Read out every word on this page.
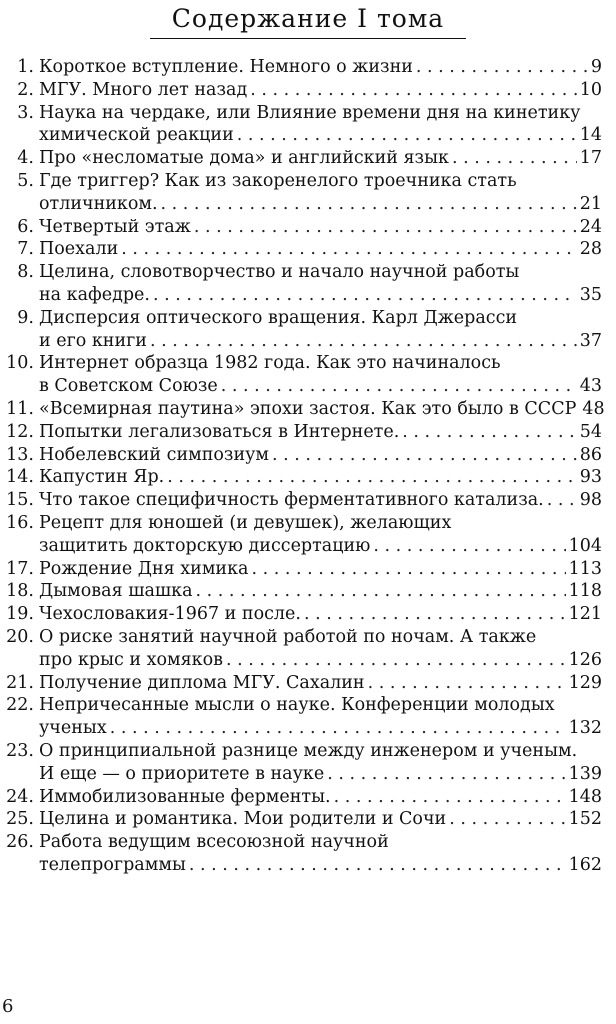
Содержание I тома
1. Короткое вступление. Немного о жизни . . .	9
2. МГУ. Много лет назад . . .	10
3. Наука на чердаке, или Влияние времени дня на кинетику
химической реакции . . .	14
4. Про «несломатые дома» и английский язык . . .	17
5. Где триггер? Как из закоренелого троечника стать
отличником. . . .	21
6. Четвертый этаж . . .	24
7. Поехали . . .	28
8. Целина, словотворчество и начало научной работы
на кафедре. . . .	35
9. Дисперсия оптического вращения. Карл Джерасси
и его книги . . .	37
10. Интернет образца 1982 года. Как это начиналось
в Советском Союзе . . .	43
11. «Всемирная паутина» эпохи застоя. Как это было в СССР 48
12. Попытки легализоваться в Интернете. . . .	54
13. Нобелевский симпозиум . . .	86
14. Капустин Яр. . . .	93
15. Что такое специфичность ферментативного катализа. . . . 98
16. Рецепт для юношей (и девушек), желающих
защитить докторскую диссертацию . . .	104
17. Рождение Дня химика . . .	113
18. Дымовая шашка . . .	118
19. Чехословакия-1967 и после. . . .	121
20. О риске занятий научной работой по ночам. А также
про крыс и хомяков . . .	126
21. Получение диплома МГУ. Сахалин . . .	129
22. Непричесанные мысли о науке. Конференции молодых
ученых . . .	132
23. О принципиальной разнице между инженером и ученым.
И еще — о приоритете в науке . . .	139
24. Иммобилизованные ферменты. . . .	148
25. Целина и романтика. Мои родители и Сочи . . .	152
26. Работа ведущим всесоюзной научной
телепрограммы . . .	162
6
